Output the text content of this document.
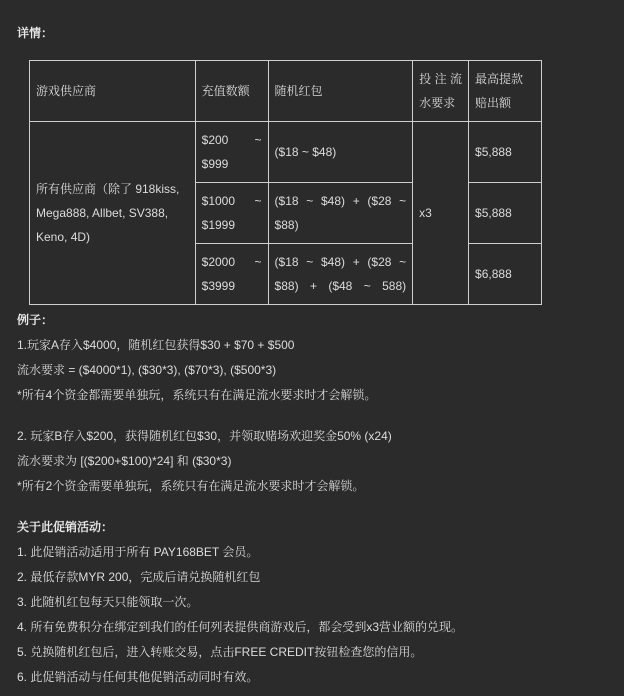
详情：
游戏供应商	充值数额	随机红包	投注流水要求	最高提款赔出额
所有供应商（除了 918kiss, Mega888, Allbet, SV388, Keno, 4D)	$200 ~ $999	($18 ~ $48)	x3	$5,888
	$1000 ~ $1999	($18 ~ $48) + ($28 ~ $88)		$5,888
	$2000 ~ $3999	($18 ~ $48) + ($28 ~ $88) + ($48 ~ 588)		$6,888
例子：
1.玩家A存入$4000，随机红包获得$30 + $70 + $500
流水要求 = ($4000*1), ($30*3), ($70*3), ($500*3)
*所有4个资金都需要单独玩，系统只有在满足流水要求时才会解锁。
2. 玩家B存入$200，获得随机红包$30，并领取赌场欢迎奖金50% (x24)
流水要求为 [($200+$100)*24] 和 ($30*3)
*所有2个资金需要单独玩，系统只有在满足流水要求时才会解锁。
关于此促销活动：
1. 此促销活动适用于所有 PAY168BET 会员。
2. 最低存款MYR 200，完成后请兑换随机红包
3. 此随机红包每天只能领取一次。
4. 所有免费积分在绑定到我们的任何列表提供商游戏后，都会受到x3营业额的兑现。
5. 兑换随机红包后，进入转账交易，点击FREE CREDIT按钮检查您的信用。
6. 此促销活动与任何其他促销活动同时有效。
